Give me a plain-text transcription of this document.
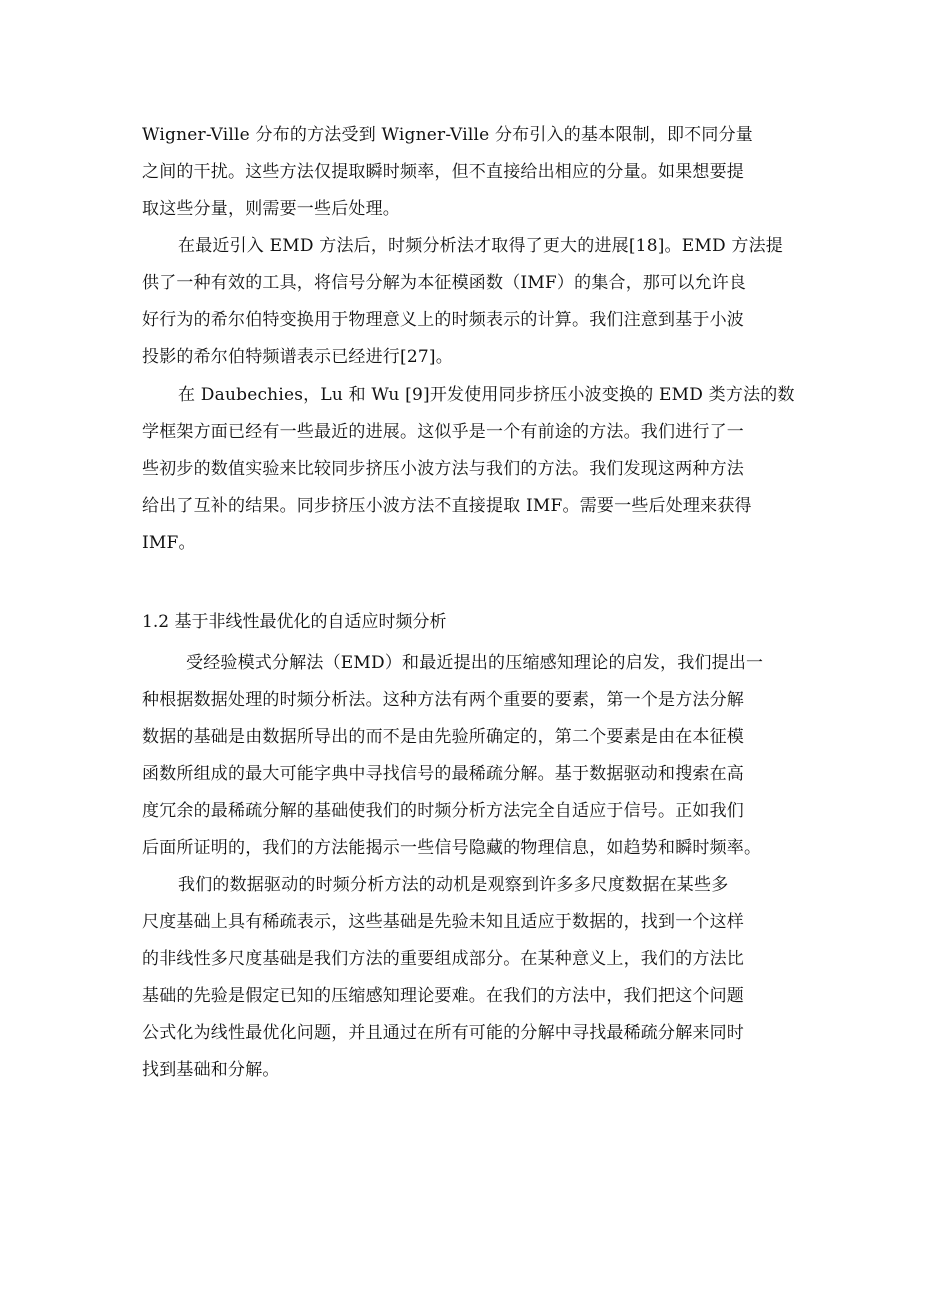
Wigner-Ville 分布的方法受到 Wigner-Ville 分布引入的基本限制，即不同分量
之间的干扰。这些方法仅提取瞬时频率，但不直接给出相应的分量。如果想要提
取这些分量，则需要一些后处理。
在最近引入 EMD 方法后，时频分析法才取得了更大的进展[18]。EMD 方法提
供了一种有效的工具，将信号分解为本征模函数（IMF）的集合，那可以允许良
好行为的希尔伯特变换用于物理意义上的时频表示的计算。我们注意到基于小波
投影的希尔伯特频谱表示已经进行[27]。
在 Daubechies，Lu 和 Wu [9]开发使用同步挤压小波变换的 EMD 类方法的数
学框架方面已经有一些最近的进展。这似乎是一个有前途的方法。我们进行了一
些初步的数值实验来比较同步挤压小波方法与我们的方法。我们发现这两种方法
给出了互补的结果。同步挤压小波方法不直接提取 IMF。需要一些后处理来获得
IMF。
1.2 基于非线性最优化的自适应时频分析
受经验模式分解法（EMD）和最近提出的压缩感知理论的启发，我们提出一
种根据数据处理的时频分析法。这种方法有两个重要的要素，第一个是方法分解
数据的基础是由数据所导出的而不是由先验所确定的，第二个要素是由在本征模
函数所组成的最大可能字典中寻找信号的最稀疏分解。基于数据驱动和搜索在高
度冗余的最稀疏分解的基础使我们的时频分析方法完全自适应于信号。正如我们
后面所证明的，我们的方法能揭示一些信号隐藏的物理信息，如趋势和瞬时频率。
我们的数据驱动的时频分析方法的动机是观察到许多多尺度数据在某些多
尺度基础上具有稀疏表示，这些基础是先验未知且适应于数据的，找到一个这样
的非线性多尺度基础是我们方法的重要组成部分。在某种意义上，我们的方法比
基础的先验是假定已知的压缩感知理论要难。在我们的方法中，我们把这个问题
公式化为线性最优化问题，并且通过在所有可能的分解中寻找最稀疏分解来同时
找到基础和分解。
